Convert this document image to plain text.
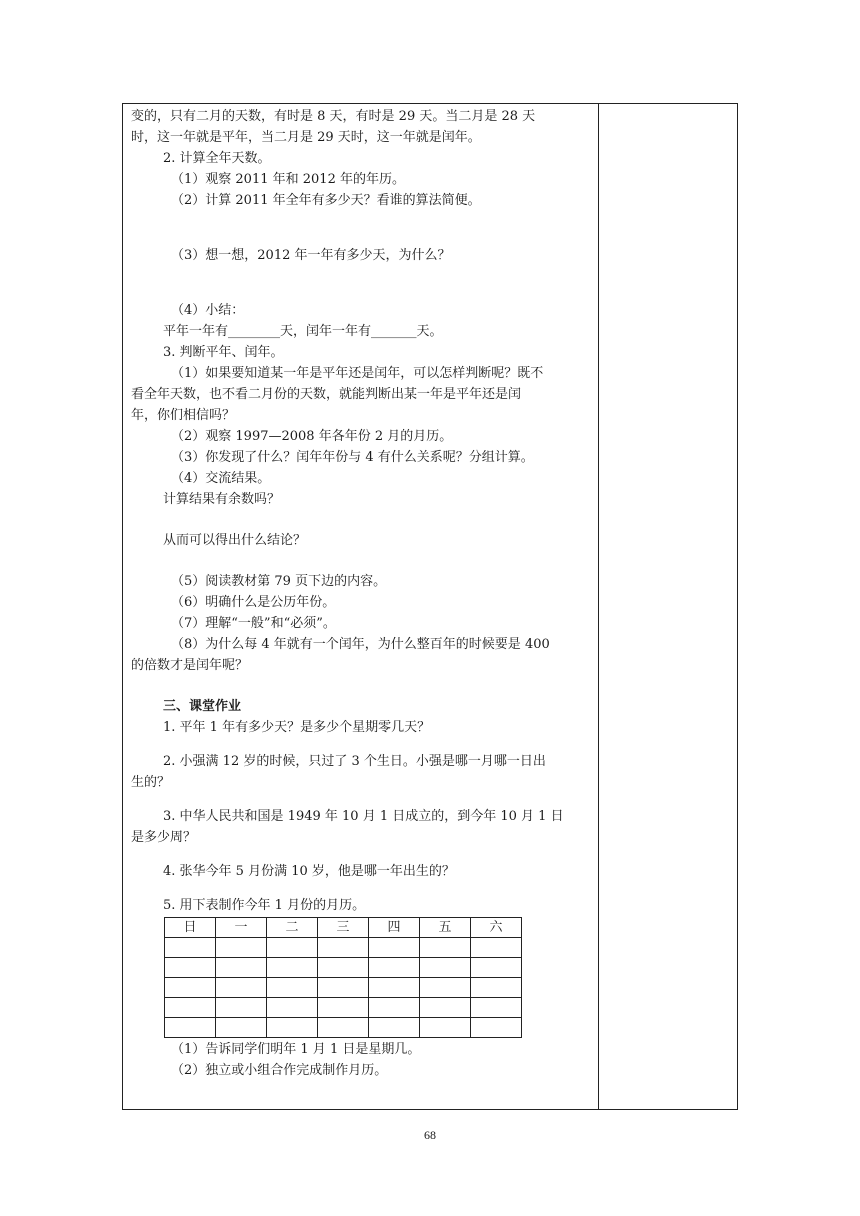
变的，只有二月的天数，有时是 8 天，有时是 29 天。当二月是 28 天

时，这一年就是平年，当二月是 29 天时，这一年就是闰年。

2. 计算全年天数。

（1）观察 2011 年和 2012 年的年历。

（2）计算 2011 年全年有多少天？看谁的算法简便。

（3）想一想，2012 年一年有多少天，为什么？

（4）小结：

平年一年有________天，闰年一年有_______天。

3. 判断平年、闰年。

（1）如果要知道某一年是平年还是闰年，可以怎样判断呢？既不

看全年天数，也不看二月份的天数，就能判断出某一年是平年还是闰

年，你们相信吗？

（2）观察 1997—2008 年各年份 2 月的月历。

（3）你发现了什么？闰年年份与 4 有什么关系呢？分组计算。

（4）交流结果。

计算结果有余数吗？

从而可以得出什么结论？

（5）阅读教材第 79 页下边的内容。

（6）明确什么是公历年份。

（7）理解“一般”和“必须”。

（8）为什么每 4 年就有一个闰年，为什么整百年的时候要是 400

的倍数才是闰年呢？

三、课堂作业

1. 平年 1 年有多少天？是多少个星期零几天？

2. 小强满 12 岁的时候，只过了 3 个生日。小强是哪一月哪一日出

生的？

3. 中华人民共和国是 1949 年 10 月 1 日成立的，到今年 10 月 1 日

是多少周？

4. 张华今年 5 月份满 10 岁，他是哪一年出生的？

5. 用下表制作今年 1 月份的月历。

日	一	二	三	四	五	六

（1）告诉同学们明年 1 月 1 日是星期几。

（2）独立或小组合作完成制作月历。

68
